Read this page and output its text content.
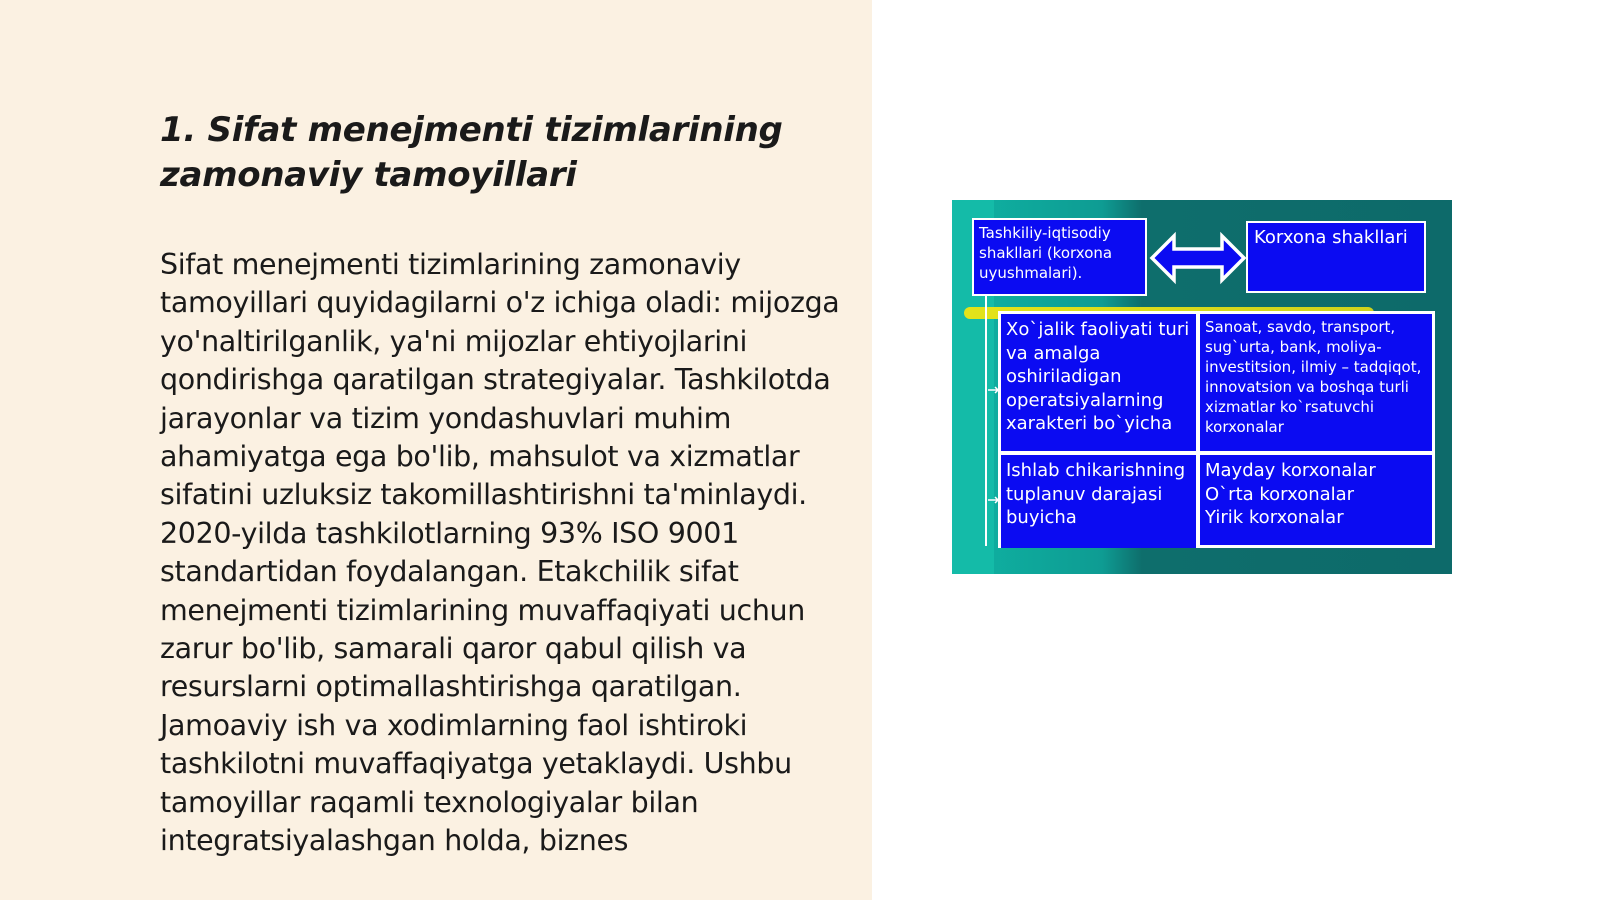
1. Sifat menejmenti tizimlarining
zamonaviy tamoyillari

Sifat menejmenti tizimlarining zamonaviy tamoyillari quyidagilarni o'z ichiga oladi: mijozga yo'naltirilganlik, ya'ni mijozlar ehtiyojlarini qondirishga qaratilgan strategiyalar. Tashkilotda jarayonlar va tizim yondashuvlari muhim ahamiyatga ega bo'lib, mahsulot va xizmatlar sifatini uzluksiz takomillashtirishni ta'minlaydi. 2020-yilda tashkilotlarning 93% ISO 9001 standartidan foydalangan. Etakchilik sifat menejmenti tizimlarining muvaffaqiyati uchun zarur bo'lib, samarali qaror qabul qilish va resurslarni optimallashtirishga qaratilgan. Jamoaviy ish va xodimlarning faol ishtiroki tashkilotni muvaffaqiyatga yetaklaydi. Ushbu tamoyillar raqamli texnologiyalar bilan integratsiyalashgan holda, biznes

Tashkiliy-iqtisodiy shakllari (korxona uyushmalari).
Korxona shakllari
Xo`jalik faoliyati turi va amalga oshiriladigan operatsiyalarning xarakteri bo`yicha
Sanoat, savdo, transport, sug`urta, bank, moliya-investitsion, ilmiy – tadqiqot, innovatsion va boshqa turli xizmatlar ko`rsatuvchi korxonalar
Ishlab chikarishning tuplanuv darajasi buyicha
Mayday korxonalar
O`rta korxonalar
Yirik korxonalar
